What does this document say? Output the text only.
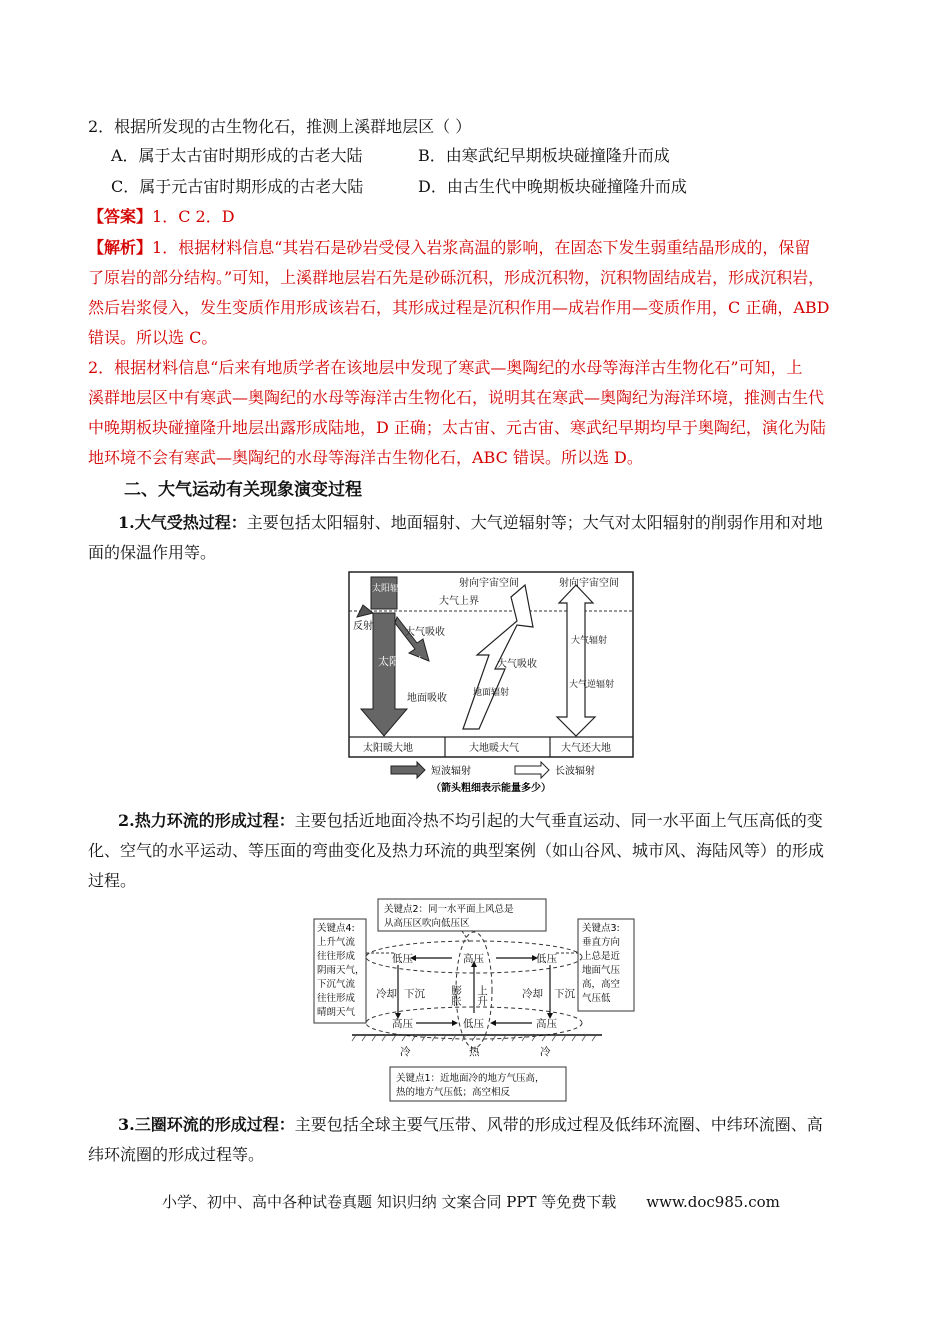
2．根据所发现的古生物化石，推测上溪群地层区（ ）
A．属于太古宙时期形成的古老大陆	B．由寒武纪早期板块碰撞隆升而成
C．属于元古宙时期形成的古老大陆	D．由古生代中晚期板块碰撞隆升而成
【答案】1．C 2．D
【解析】1．根据材料信息“其岩石是砂岩受侵入岩浆高温的影响，在固态下发生弱重结晶形成的，保留
了原岩的部分结构。”可知，上溪群地层岩石先是砂砾沉积，形成沉积物，沉积物固结成岩，形成沉积岩，
然后岩浆侵入，发生变质作用形成该岩石，其形成过程是沉积作用—成岩作用—变质作用，C 正确，ABD
错误。所以选 C。
2．根据材料信息“后来有地质学者在该地层中发现了寒武—奥陶纪的水母等海洋古生物化石”可知，上
溪群地层区中有寒武—奥陶纪的水母等海洋古生物化石，说明其在寒武—奥陶纪为海洋环境，推测古生代
中晚期板块碰撞隆升地层出露形成陆地，D 正确；太古宙、元古宙、寒武纪早期均早于奥陶纪，演化为陆
地环境不会有寒武—奥陶纪的水母等海洋古生物化石，ABC 错误。所以选 D。
二、大气运动有关现象演变过程
1.大气受热过程：主要包括太阳辐射、地面辐射、大气逆辐射等；大气对太阳辐射的削弱作用和对地
面的保温作用等。
射向宇宙空间	射向宇宙空间
大气上界
太阳辐射
反射
大气吸收
太阳辐射
地面吸收
大气吸收
地面辐射
大气辐射
大气逆辐射
太阳暖大地	大地暖大气	大气还大地
短波辐射	长波辐射
（箭头粗细表示能量多少）
2.热力环流的形成过程：主要包括近地面冷热不均引起的大气垂直运动、同一水平面上气压高低的变
化、空气的水平运动、等压面的弯曲变化及热力环流的典型案例（如山谷风、城市风、海陆风等）的形成
过程。
关键点2：同一水平面上风总是
从高压区吹向低压区
关键点4:
上升气流
往往形成
阴雨天气，
下沉气流
往往形成
晴朗天气
关键点3:
垂直方向
上总是近
地面气压
高，高空
气压低
低压	高压	低压
冷却 下沉 膨胀 上升	冷却 下沉
高压	低压	高压
冷	热	冷
关键点1：近地面冷的地方气压高，
热的地方气压低；高空相反
3.三圈环流的形成过程：主要包括全球主要气压带、风带的形成过程及低纬环流圈、中纬环流圈、高
纬环流圈的形成过程等。
小学、初中、高中各种试卷真题 知识归纳 文案合同 PPT 等免费下载 www.doc985.com
